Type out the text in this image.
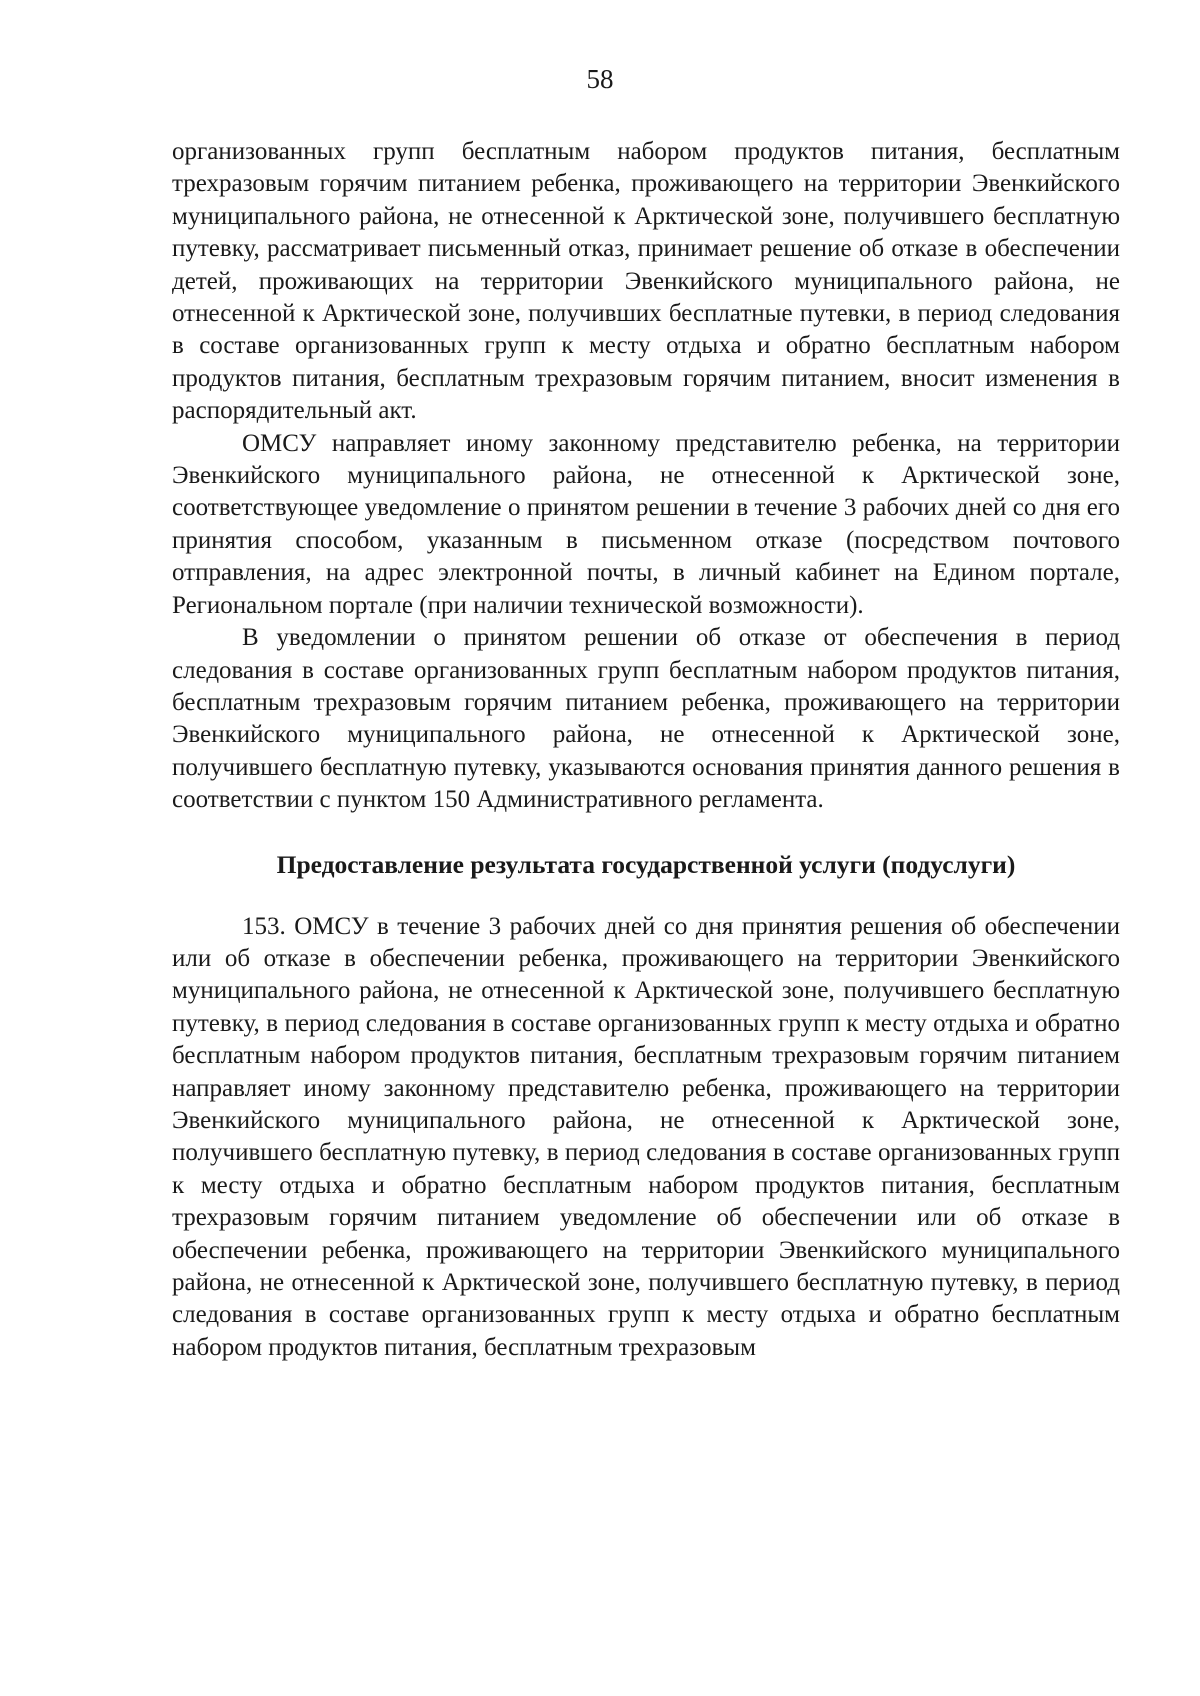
58

организованных групп бесплатным набором продуктов питания, бесплатным трехразовым горячим питанием ребенка, проживающего на территории Эвенкийского муниципального района, не отнесенной к Арктической зоне, получившего бесплатную путевку, рассматривает письменный отказ, принимает решение об отказе в обеспечении детей, проживающих на территории Эвенкийского муниципального района, не отнесенной к Арктической зоне, получивших бесплатные путевки, в период следования в составе организованных групп к месту отдыха и обратно бесплатным набором продуктов питания, бесплатным трехразовым горячим питанием, вносит изменения в распорядительный акт.

ОМСУ направляет иному законному представителю ребенка, на территории Эвенкийского муниципального района, не отнесенной к Арктической зоне, соответствующее уведомление о принятом решении в течение 3 рабочих дней со дня его принятия способом, указанным в письменном отказе (посредством почтового отправления, на адрес электронной почты, в личный кабинет на Едином портале, Региональном портале (при наличии технической возможности).

В уведомлении о принятом решении об отказе от обеспечения в период следования в составе организованных групп бесплатным набором продуктов питания, бесплатным трехразовым горячим питанием ребенка, проживающего на территории Эвенкийского муниципального района, не отнесенной к Арктической зоне, получившего бесплатную путевку, указываются основания принятия данного решения в соответствии с пунктом 150 Административного регламента.

Предоставление результата государственной услуги (подуслуги)

153. ОМСУ в течение 3 рабочих дней со дня принятия решения об обеспечении или об отказе в обеспечении ребенка, проживающего на территории Эвенкийского муниципального района, не отнесенной к Арктической зоне, получившего бесплатную путевку, в период следования в составе организованных групп к месту отдыха и обратно бесплатным набором продуктов питания, бесплатным трехразовым горячим питанием направляет иному законному представителю ребенка, проживающего на территории Эвенкийского муниципального района, не отнесенной к Арктической зоне, получившего бесплатную путевку, в период следования в составе организованных групп к месту отдыха и обратно бесплатным набором продуктов питания, бесплатным трехразовым горячим питанием уведомление об обеспечении или об отказе в обеспечении ребенка, проживающего на территории Эвенкийского муниципального района, не отнесенной к Арктической зоне, получившего бесплатную путевку, в период следования в составе организованных групп к месту отдыха и обратно бесплатным набором продуктов питания, бесплатным трехразовым
